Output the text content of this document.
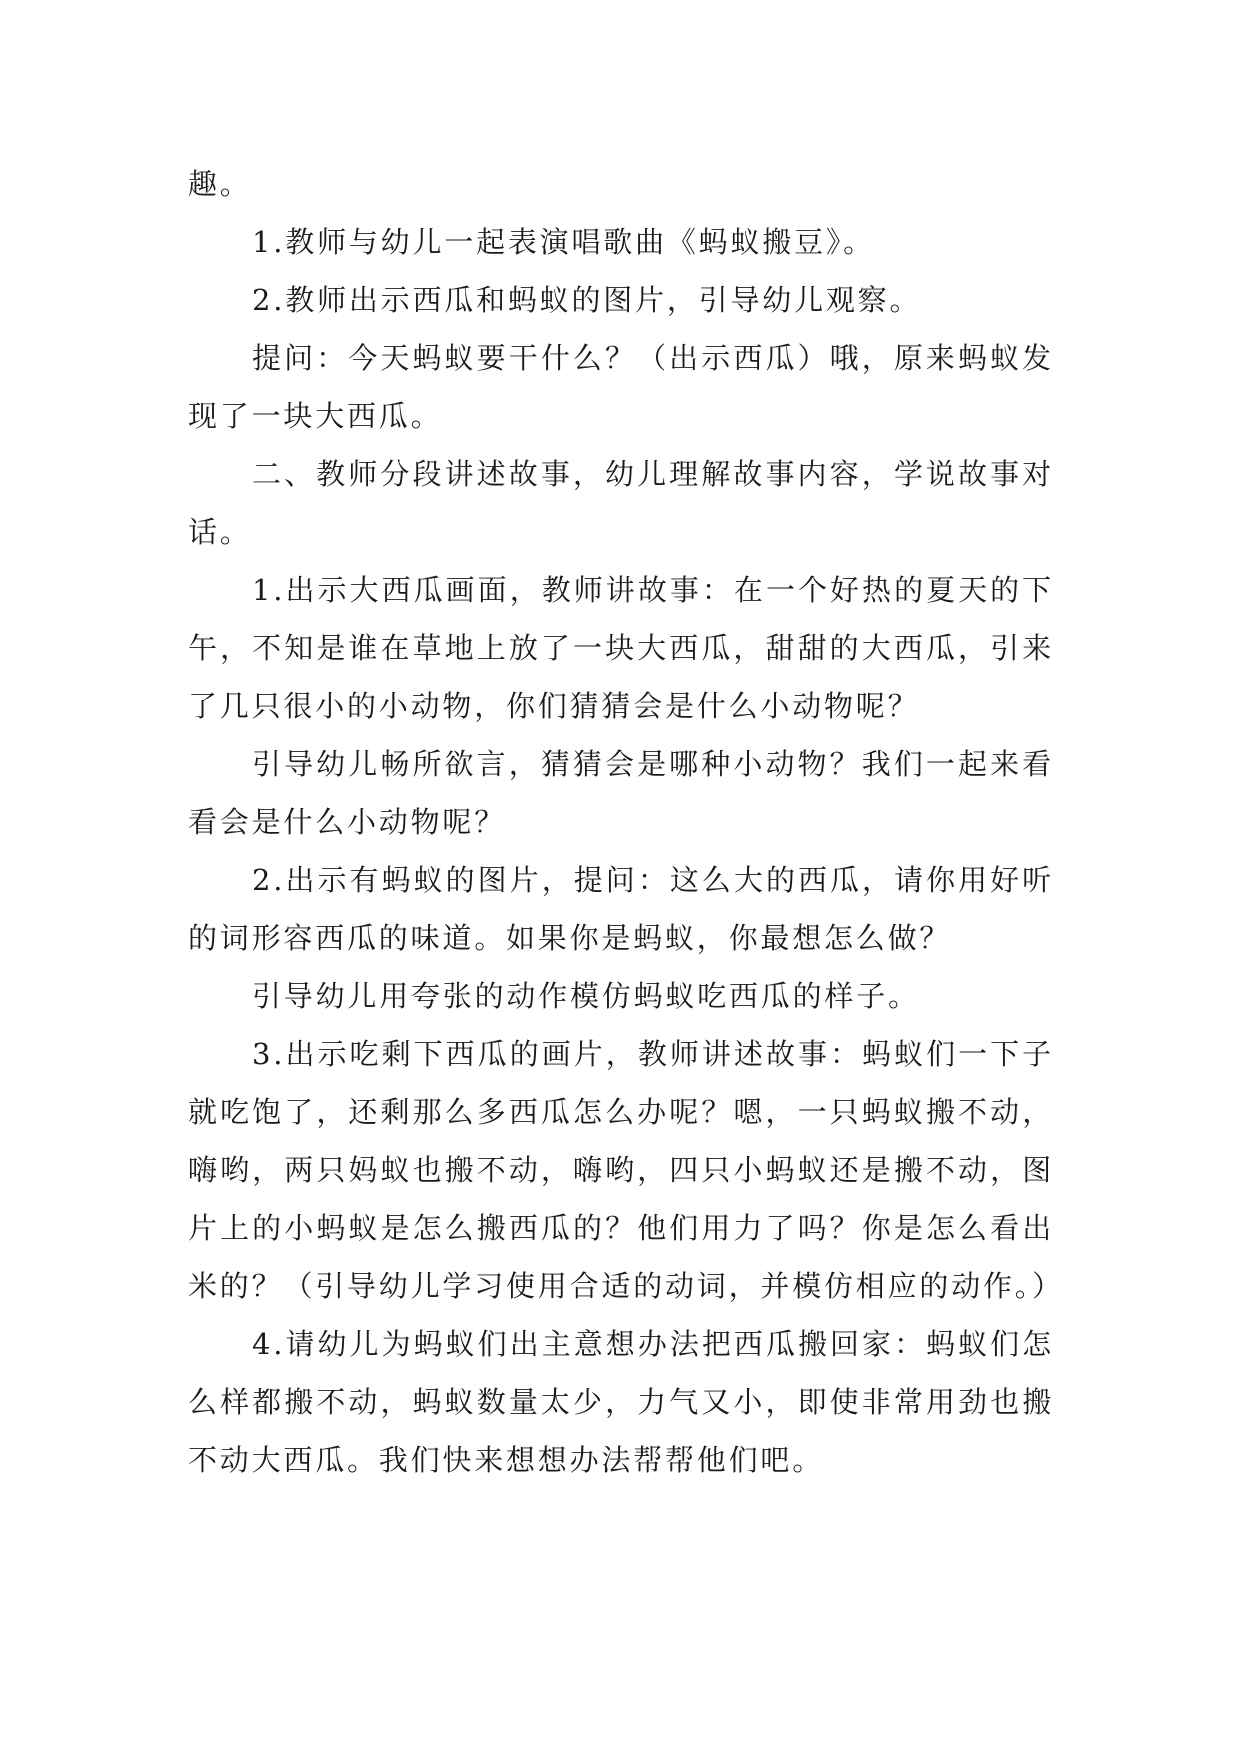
趣。

1.教师与幼儿一起表演唱歌曲《蚂蚁搬豆》。

2.教师出示西瓜和蚂蚁的图片，引导幼儿观察。

提问：今天蚂蚁要干什么？（出示西瓜）哦，原来蚂蚁发现了一块大西瓜。

二、教师分段讲述故事，幼儿理解故事内容，学说故事对话。

1.出示大西瓜画面，教师讲故事：在一个好热的夏天的下午，不知是谁在草地上放了一块大西瓜，甜甜的大西瓜，引来了几只很小的小动物，你们猜猜会是什么小动物呢？

引导幼儿畅所欲言，猜猜会是哪种小动物？我们一起来看看会是什么小动物呢？

2.出示有蚂蚁的图片，提问：这么大的西瓜，请你用好听的词形容西瓜的味道。如果你是蚂蚁，你最想怎么做？

引导幼儿用夸张的动作模仿蚂蚁吃西瓜的样子。

3.出示吃剩下西瓜的画片，教师讲述故事：蚂蚁们一下子就吃饱了，还剩那么多西瓜怎么办呢？嗯，一只蚂蚁搬不动，嗨哟，两只妈蚁也搬不动，嗨哟，四只小蚂蚁还是搬不动，图片上的小蚂蚁是怎么搬西瓜的？他们用力了吗？你是怎么看出米的？（引导幼儿学习使用合适的动词，并模仿相应的动作。）

4.请幼儿为蚂蚁们出主意想办法把西瓜搬回家：蚂蚁们怎么样都搬不动，蚂蚁数量太少，力气又小，即使非常用劲也搬不动大西瓜。我们快来想想办法帮帮他们吧。
